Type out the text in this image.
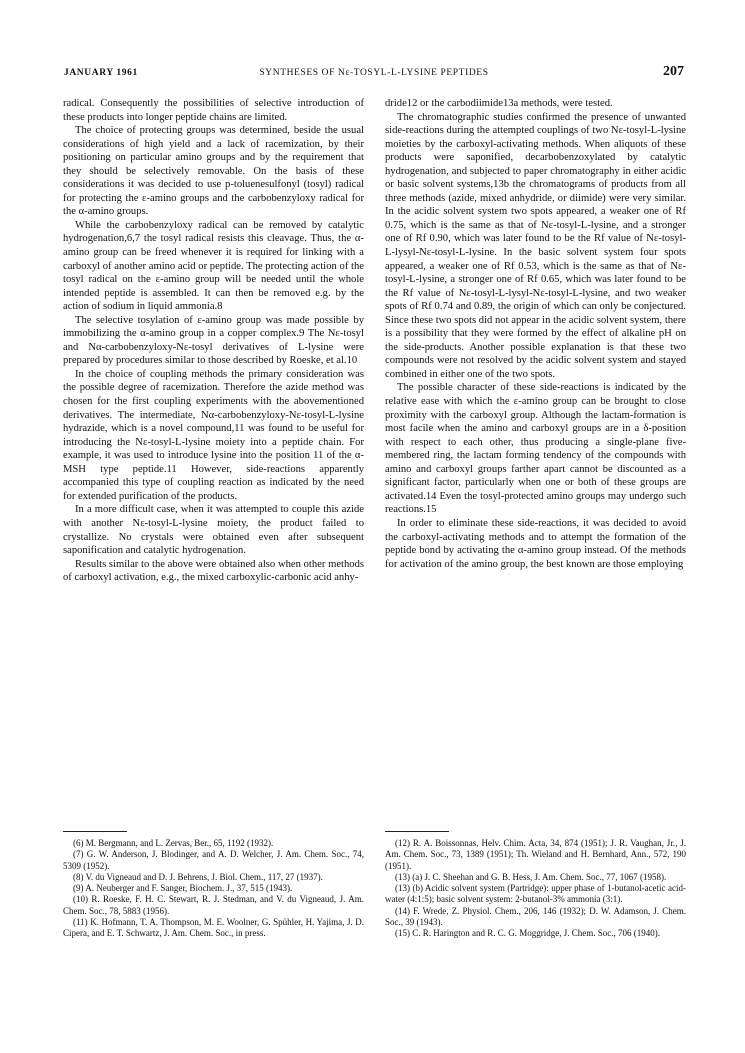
JANUARY 1961	SYNTHESES OF Nε-TOSYL-L-LYSINE PEPTIDES	207

radical. Consequently the possibilities of selective introduction of these products into longer peptide chains are limited.

The choice of protecting groups was determined, beside the usual considerations of high yield and a lack of racemization, by their positioning on particular amino groups and by the requirement that they should be selectively removable. On the basis of these considerations it was decided to use p-toluenesulfonyl (tosyl) radical for protecting the ε-amino groups and the carbobenzyloxy radical for the α-amino groups.

While the carbobenzyloxy radical can be removed by catalytic hydrogenation,6,7 the tosyl radical resists this cleavage. Thus, the α-amino group can be freed whenever it is required for linking with a carboxyl of another amino acid or peptide. The protecting action of the tosyl radical on the ε-amino group will be needed until the whole intended peptide is assembled. It can then be removed e.g. by the action of sodium in liquid ammonia.8

The selective tosylation of ε-amino group was made possible by immobilizing the α-amino group in a copper complex.9 The Nε-tosyl and Nα-carbobenzyloxy-Nε-tosyl derivatives of L-lysine were prepared by procedures similar to those described by Roeske, et al.10

In the choice of coupling methods the primary consideration was the possible degree of racemization. Therefore the azide method was chosen for the first coupling experiments with the abovementioned derivatives. The intermediate, Nα-carbobenzyloxy-Nε-tosyl-L-lysine hydrazide, which is a novel compound,11 was found to be useful for introducing the Nε-tosyl-L-lysine moiety into a peptide chain. For example, it was used to introduce lysine into the position 11 of the α-MSH type peptide.11 However, side-reactions apparently accompanied this type of coupling reaction as indicated by the need for extended purification of the products.

In a more difficult case, when it was attempted to couple this azide with another Nε-tosyl-L-lysine moiety, the product failed to crystallize. No crystals were obtained even after subsequent saponification and catalytic hydrogenation.

Results similar to the above were obtained also when other methods of carboxyl activation, e.g., the mixed carboxylic-carbonic acid anhy-

dride12 or the carbodiimide13a methods, were tested.

The chromatographic studies confirmed the presence of unwanted side-reactions during the attempted couplings of two Nε-tosyl-L-lysine moieties by the carboxyl-activating methods. When aliquots of these products were saponified, decarbobenzoxylated by catalytic hydrogenation, and subjected to paper chromatography in either acidic or basic solvent systems,13b the chromatograms of products from all three methods (azide, mixed anhydride, or diimide) were very similar. In the acidic solvent system two spots appeared, a weaker one of Rf 0.75, which is the same as that of Nε-tosyl-L-lysine, and a stronger one of Rf 0.90, which was later found to be the Rf value of Nε-tosyl-L-lysyl-Nε-tosyl-L-lysine. In the basic solvent system four spots appeared, a weaker one of Rf 0.53, which is the same as that of Nε-tosyl-L-lysine, a stronger one of Rf 0.65, which was later found to be the Rf value of Nε-tosyl-L-lysyl-Nε-tosyl-L-lysine, and two weaker spots of Rf 0.74 and 0.89, the origin of which can only be conjectured. Since these two spots did not appear in the acidic solvent system, there is a possibility that they were formed by the effect of alkaline pH on the side-products. Another possible explanation is that these two compounds were not resolved by the acidic solvent system and stayed combined in either one of the two spots.

The possible character of these side-reactions is indicated by the relative ease with which the ε-amino group can be brought to close proximity with the carboxyl group. Although the lactam-formation is most facile when the amino and carboxyl groups are in a δ-position with respect to each other, thus producing a single-plane five-membered ring, the lactam forming tendency of the compounds with amino and carboxyl groups farther apart cannot be discounted as a significant factor, particularly when one or both of these groups are activated.14 Even the tosyl-protected amino groups may undergo such reactions.15

In order to eliminate these side-reactions, it was decided to avoid the carboxyl-activating methods and to attempt the formation of the peptide bond by activating the α-amino group instead. Of the methods for activation of the amino group, the best known are those employing

(6) M. Bergmann, and L. Zervas, Ber., 65, 1192 (1932).

(7) G. W. Anderson, J. Blodinger, and A. D. Welcher, J. Am. Chem. Soc., 74, 5309 (1952).

(8) V. du Vigneaud and D. J. Behrens, J. Biol. Chem., 117, 27 (1937).

(9) A. Neuberger and F. Sanger, Biochem. J., 37, 515 (1943).

(10) R. Roeske, F. H. C. Stewart, R. J. Stedman, and V. du Vigneaud, J. Am. Chem. Soc., 78, 5883 (1956).

(11) K. Hofmann, T. A. Thompson, M. E. Woolner, G. Spühler, H. Yajima, J. D. Cipera, and E. T. Schwartz, J. Am. Chem. Soc., in press.

(12) R. A. Boissonnas, Helv. Chim. Acta, 34, 874 (1951); J. R. Vaughan, Jr., J. Am. Chem. Soc., 73, 1389 (1951); Th. Wieland and H. Bernhard, Ann., 572, 190 (1951).

(13) (a) J. C. Sheehan and G. B. Hess, J. Am. Chem. Soc., 77, 1067 (1958).

(13) (b) Acidic solvent system (Partridge): upper phase of 1-butanol-acetic acid-water (4:1:5); basic solvent system: 2-butanol-3% ammonia (3:1).

(14) F. Wrede, Z. Physiol. Chem., 206, 146 (1932); D. W. Adamson, J. Chem. Soc., 39 (1943).

(15) C. R. Harington and R. C. G. Moggridge, J. Chem. Soc., 706 (1940).
